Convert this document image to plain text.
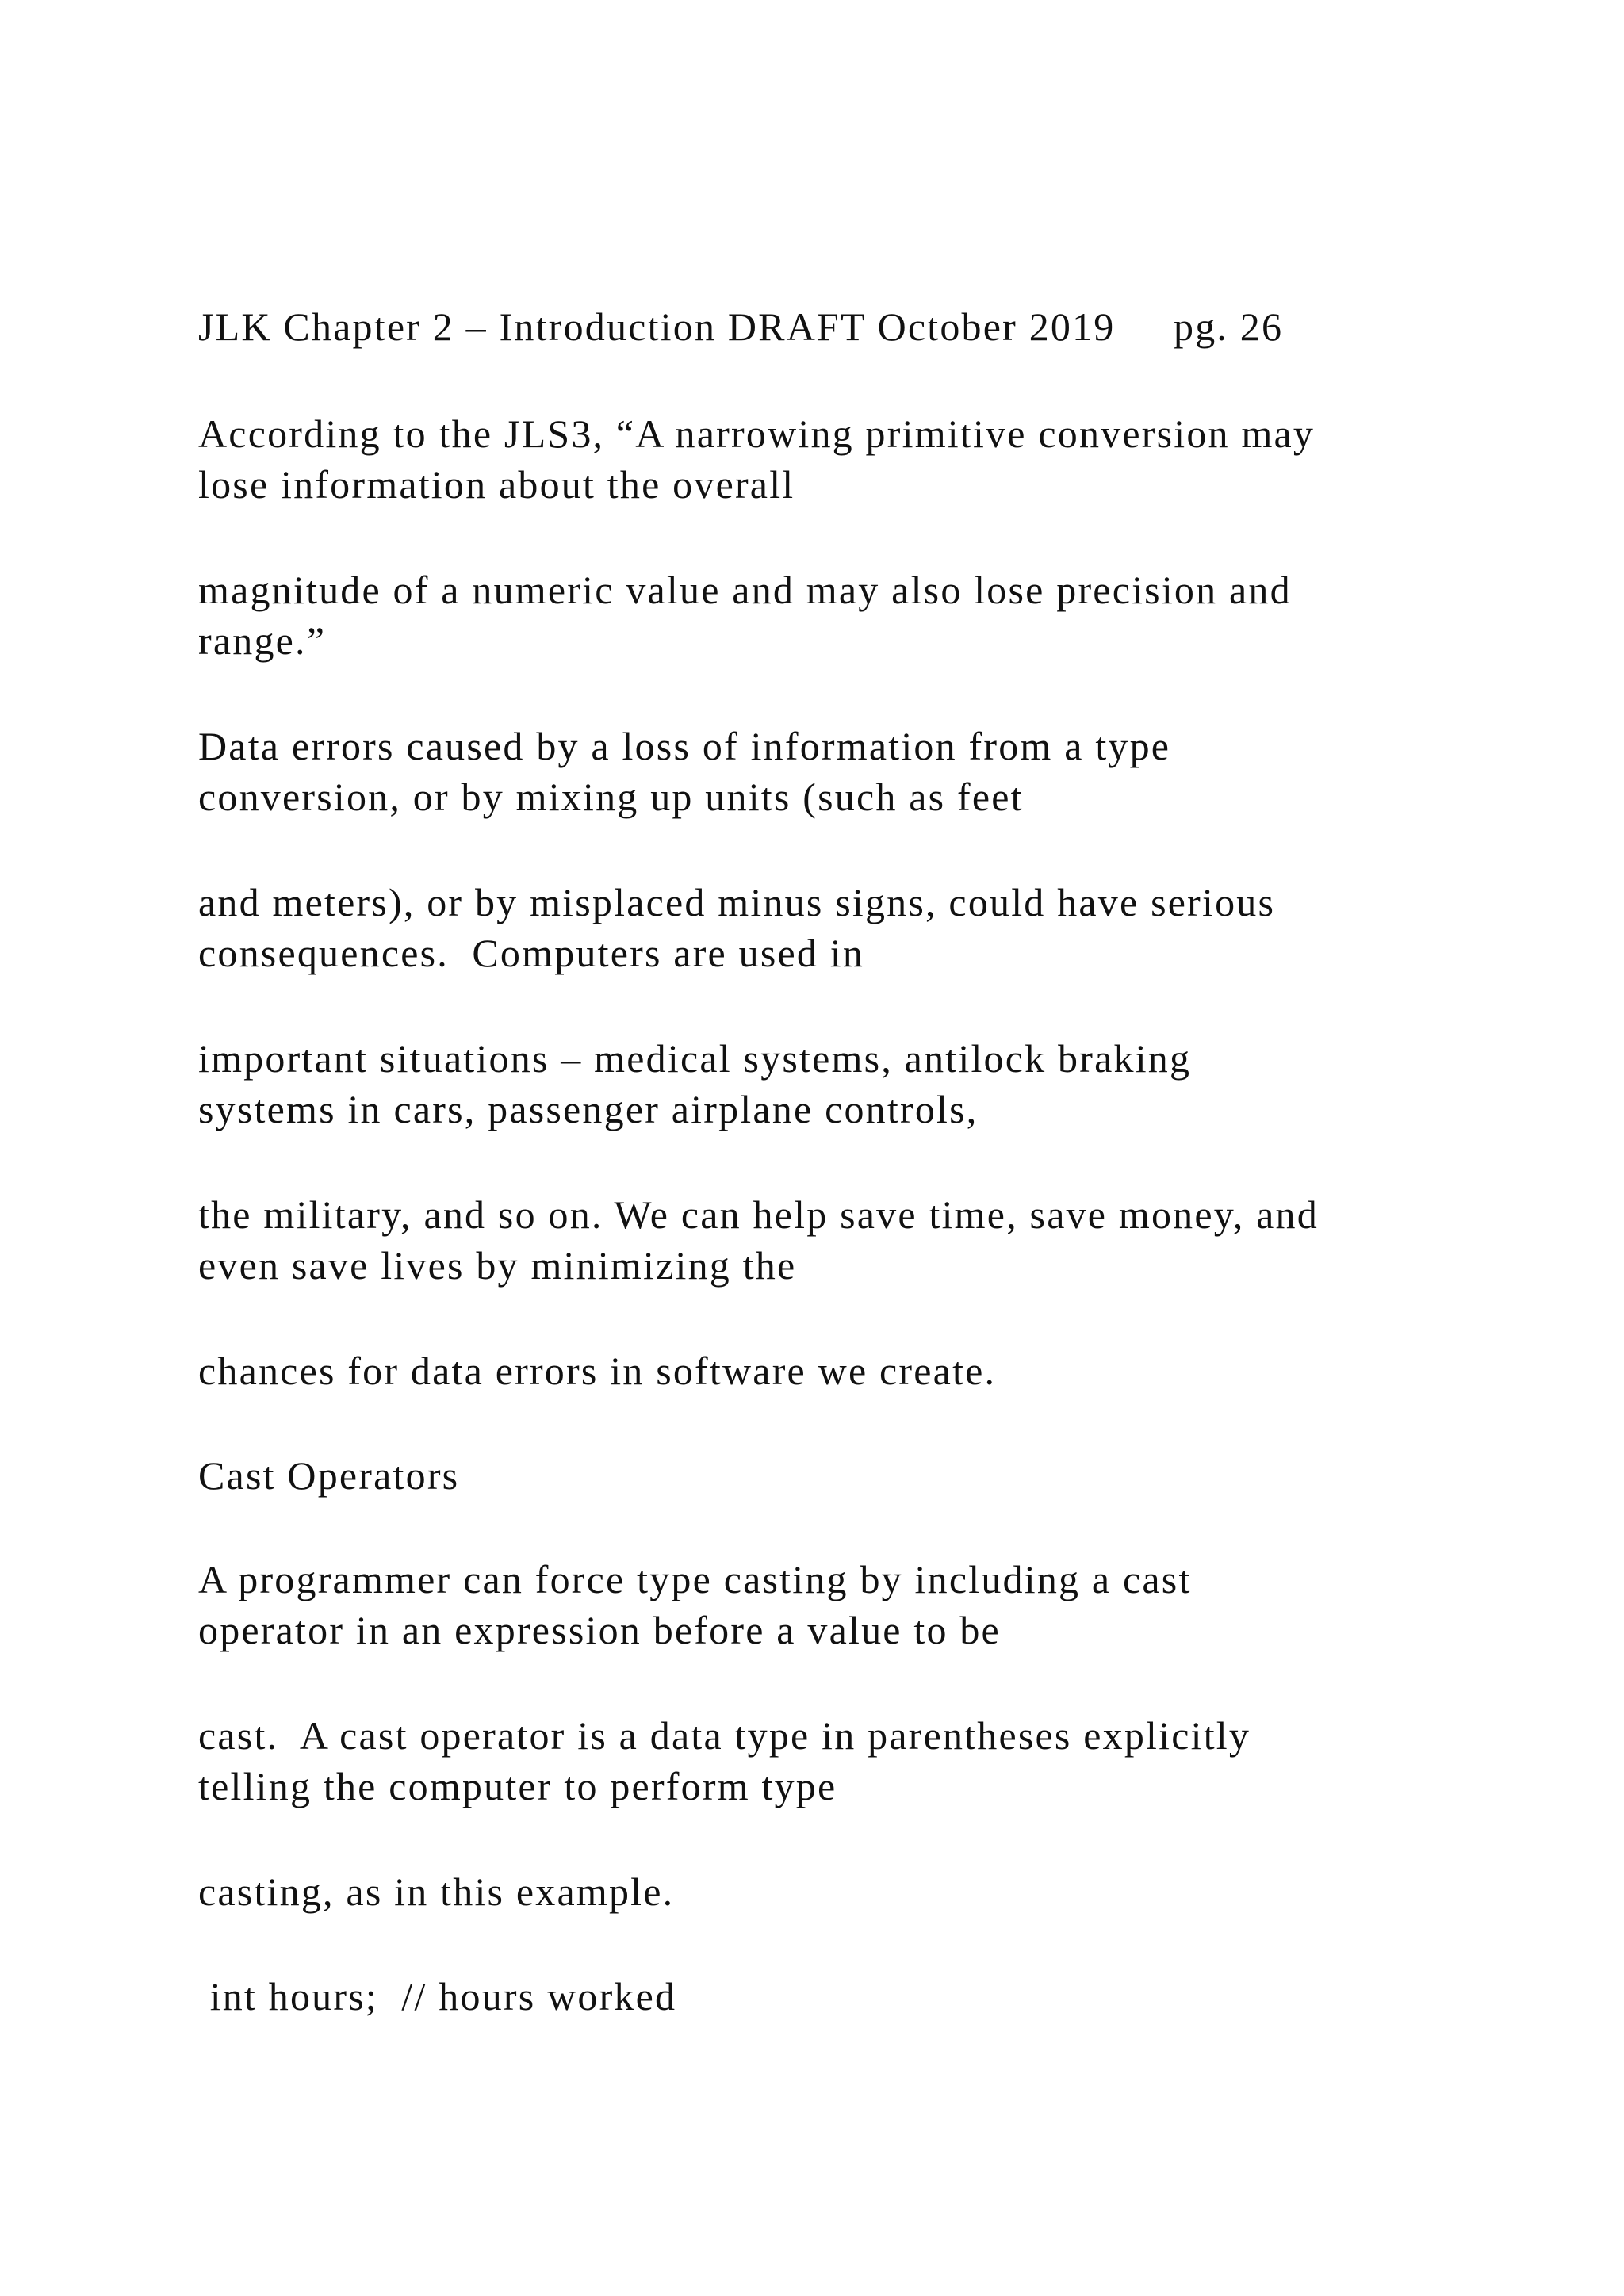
JLK Chapter 2 – Introduction DRAFT October 2019     pg. 26

According to the JLS3, “A narrowing primitive conversion may

lose information about the overall

magnitude of a numeric value and may also lose precision and

range.”

Data errors caused by a loss of information from a type

conversion, or by mixing up units (such as feet

and meters), or by misplaced minus signs, could have serious

consequences.  Computers are used in

important situations – medical systems, antilock braking

systems in cars, passenger airplane controls,

the military, and so on. We can help save time, save money, and

even save lives by minimizing the

chances for data errors in software we create.

Cast Operators

A programmer can force type casting by including a cast

operator in an expression before a value to be

cast.  A cast operator is a data type in parentheses explicitly

telling the computer to perform type

casting, as in this example.

int hours;  // hours worked
